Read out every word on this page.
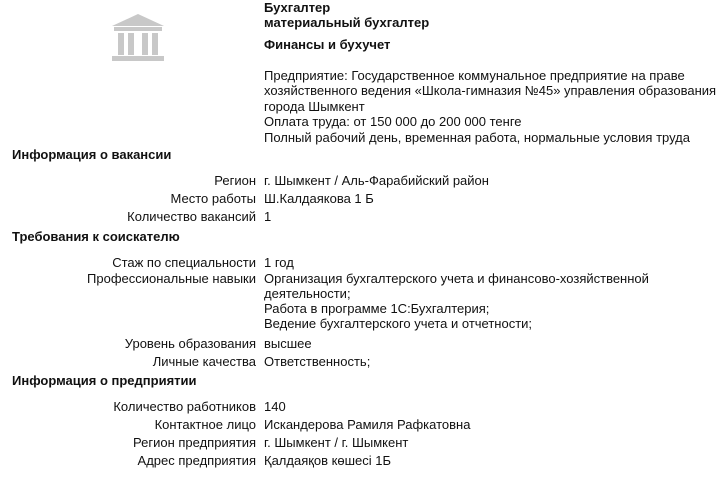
Бухгалтер
материальный бухгалтер
Финансы и бухучет
Предприятие: Государственное коммунальное предприятие на праве
хозяйственного ведения «Школа-гимназия №45» управления образования
города Шымкент
Оплата труда: от 150 000 до 200 000 тенге
Полный рабочий день, временная работа, нормальные условия труда
Информация о вакансии
Регион г. Шымкент / Аль-Фарабийский район
Место работы Ш.Калдаякова 1 Б
Количество вакансий 1
Требования к соискателю
Стаж по специальности 1 год
Профессиональные навыки Организация бухгалтерского учета и финансово-хозяйственной
деятельности;
Работа в программе 1С:Бухгалтерия;
Ведение бухгалтерского учета и отчетности;
Уровень образования высшее
Личные качества Ответственность;
Информация о предприятии
Количество работников 140
Контактное лицо Искандерова Рамиля Рафкатовна
Регион предприятия г. Шымкент / г. Шымкент
Адрес предприятия Қалдаяқов көшесі 1Б
